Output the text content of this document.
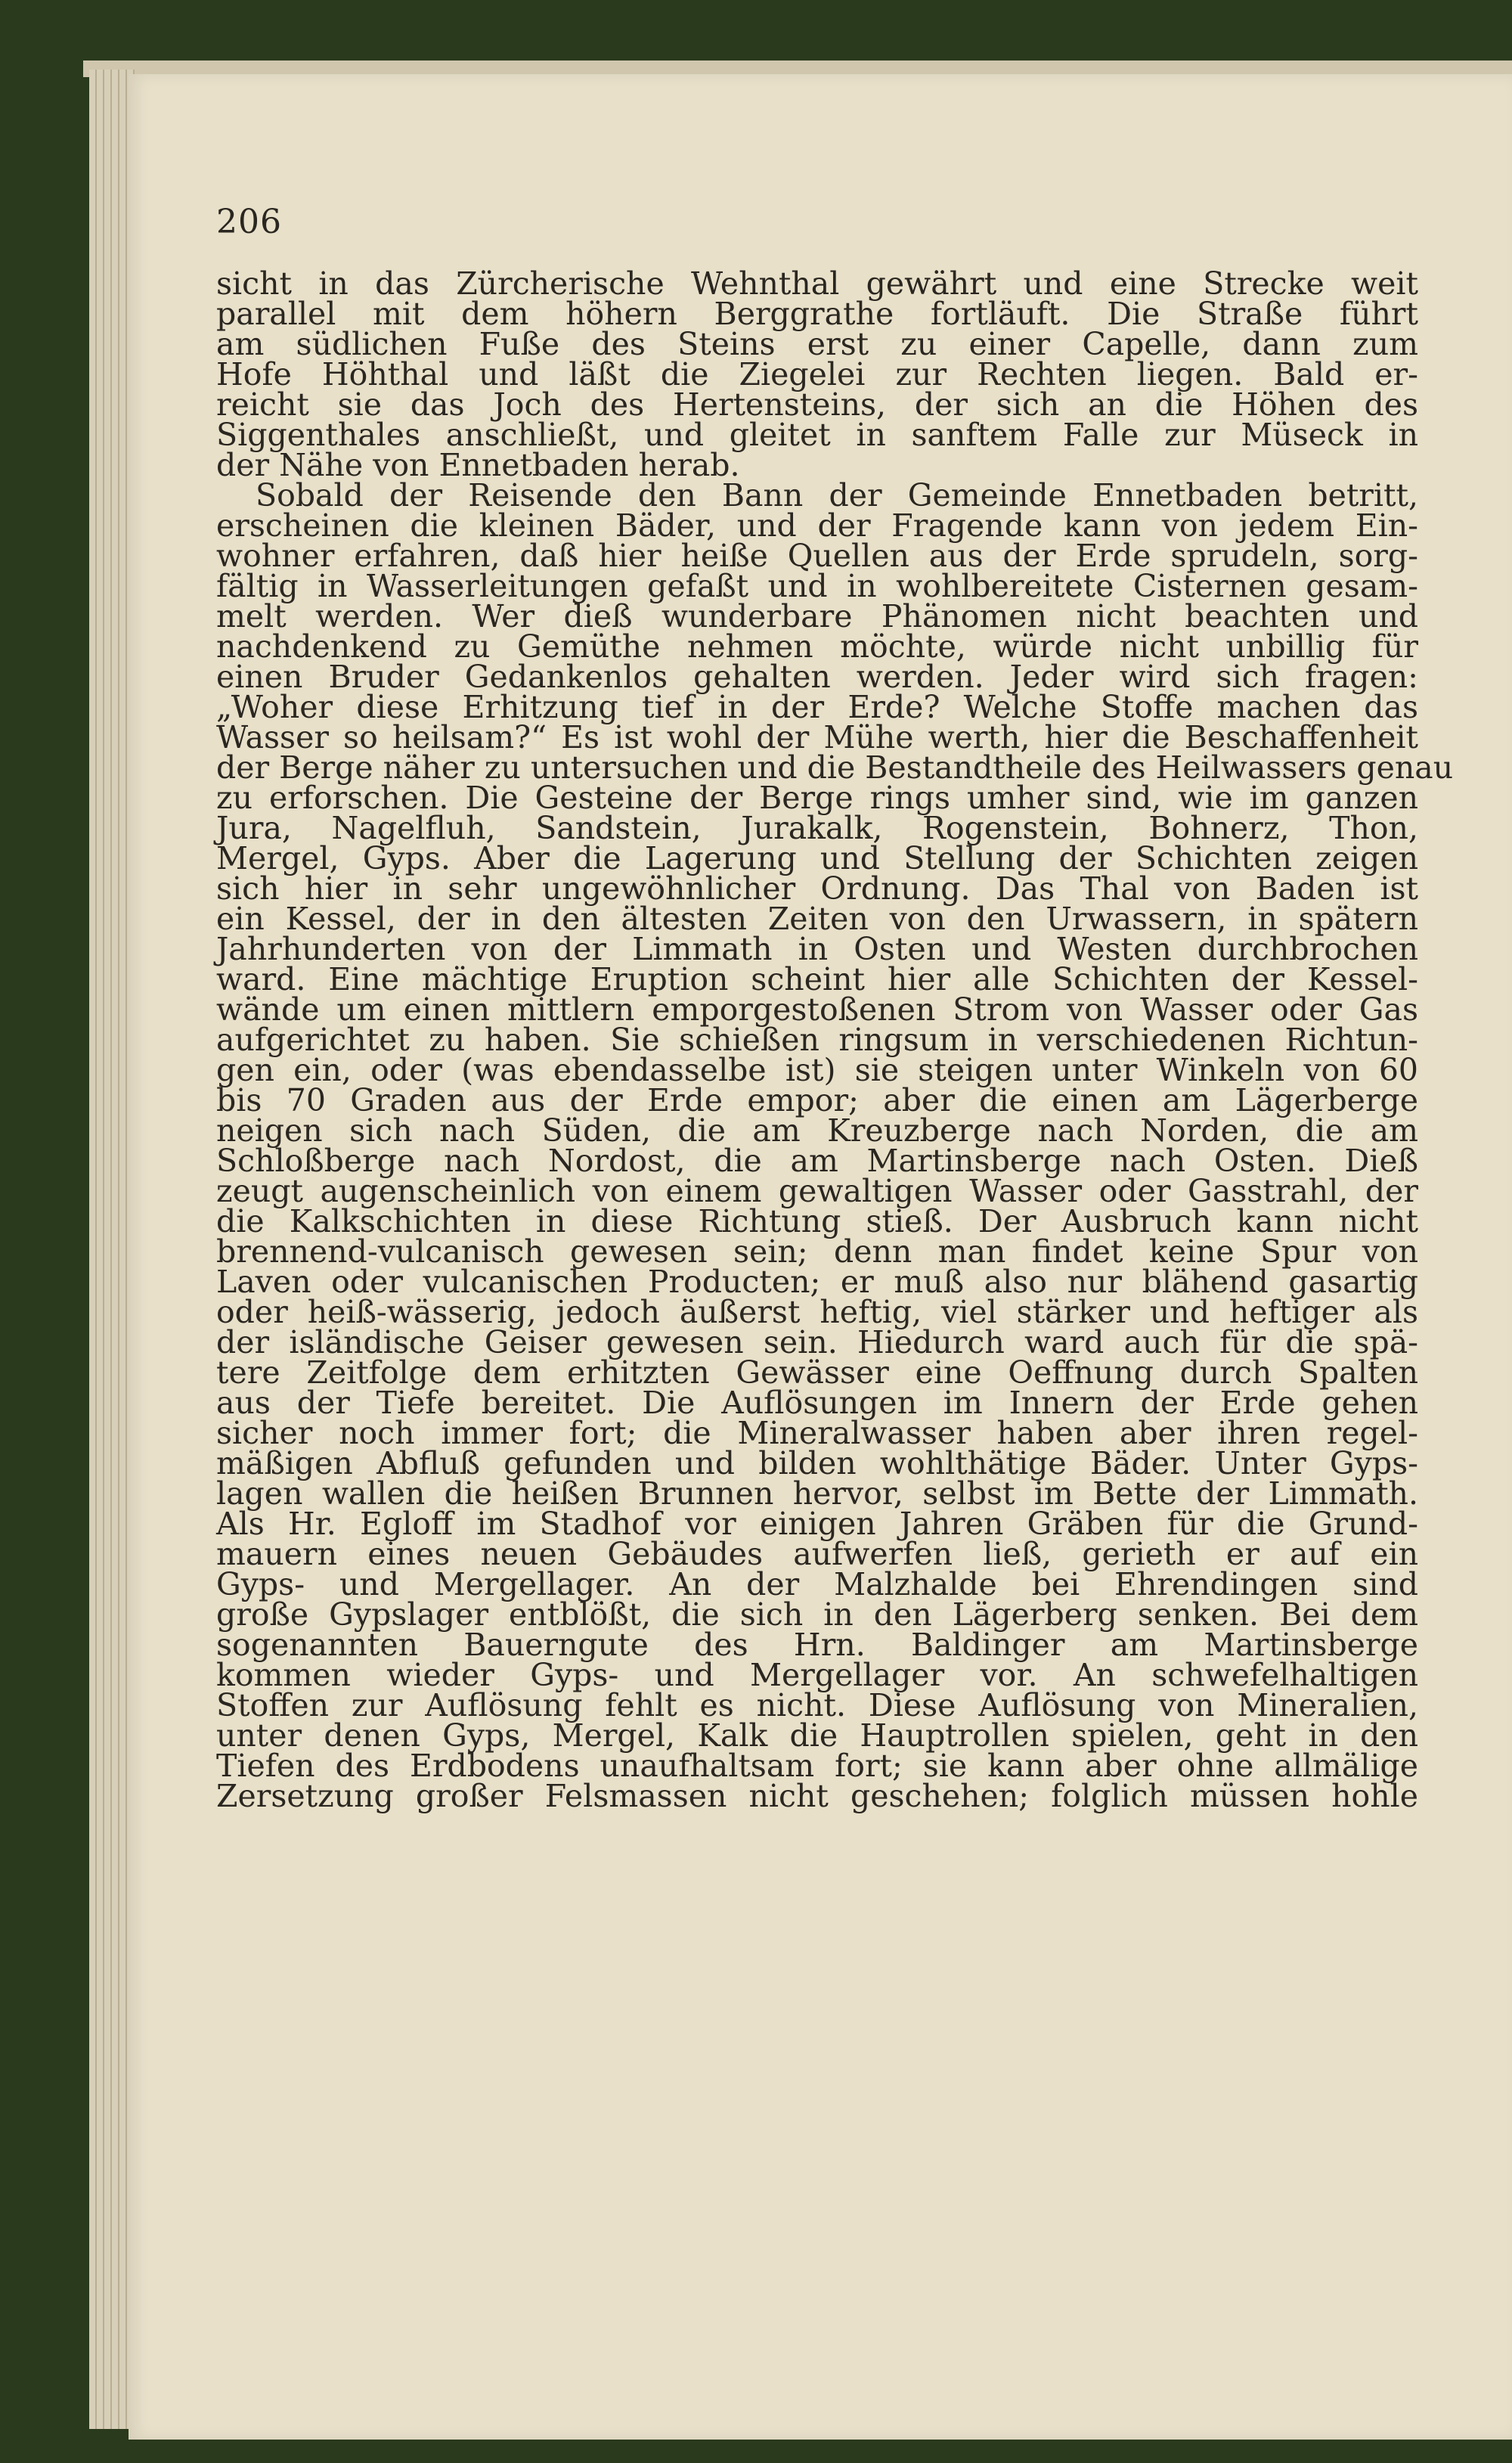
206
sicht in das Zürcherische Wehnthal gewährt und eine Strecke weit
parallel mit dem höhern Berggrathe fortläuft. Die Straße führt
am südlichen Fuße des Steins erst zu einer Capelle, dann zum
Hofe Höhthal und läßt die Ziegelei zur Rechten liegen. Bald er-
reicht sie das Joch des Hertensteins, der sich an die Höhen des
Siggenthales anschließt, und gleitet in sanftem Falle zur Müseck in
der Nähe von Ennetbaden herab.
Sobald der Reisende den Bann der Gemeinde Ennetbaden betritt,
erscheinen die kleinen Bäder, und der Fragende kann von jedem Ein-
wohner erfahren, daß hier heiße Quellen aus der Erde sprudeln, sorg-
fältig in Wasserleitungen gefaßt und in wohlbereitete Cisternen gesam-
melt werden. Wer dieß wunderbare Phänomen nicht beachten und
nachdenkend zu Gemüthe nehmen möchte, würde nicht unbillig für
einen Bruder Gedankenlos gehalten werden. Jeder wird sich fragen:
„Woher diese Erhitzung tief in der Erde? Welche Stoffe machen das
Wasser so heilsam?“ Es ist wohl der Mühe werth, hier die Beschaffenheit
der Berge näher zu untersuchen und die Bestandtheile des Heilwassers genau
zu erforschen. Die Gesteine der Berge rings umher sind, wie im ganzen
Jura, Nagelfluh, Sandstein, Jurakalk, Rogenstein, Bohnerz, Thon,
Mergel, Gyps. Aber die Lagerung und Stellung der Schichten zeigen
sich hier in sehr ungewöhnlicher Ordnung. Das Thal von Baden ist
ein Kessel, der in den ältesten Zeiten von den Urwassern, in spätern
Jahrhunderten von der Limmath in Osten und Westen durchbrochen
ward. Eine mächtige Eruption scheint hier alle Schichten der Kessel-
wände um einen mittlern emporgestoßenen Strom von Wasser oder Gas
aufgerichtet zu haben. Sie schießen ringsum in verschiedenen Richtun-
gen ein, oder (was ebendasselbe ist) sie steigen unter Winkeln von 60
bis 70 Graden aus der Erde empor; aber die einen am Lägerberge
neigen sich nach Süden, die am Kreuzberge nach Norden, die am
Schloßberge nach Nordost, die am Martinsberge nach Osten. Dieß
zeugt augenscheinlich von einem gewaltigen Wasser oder Gasstrahl, der
die Kalkschichten in diese Richtung stieß. Der Ausbruch kann nicht
brennend-vulcanisch gewesen sein; denn man findet keine Spur von
Laven oder vulcanischen Producten; er muß also nur blähend gasartig
oder heiß-wässerig, jedoch äußerst heftig, viel stärker und heftiger als
der isländische Geiser gewesen sein. Hiedurch ward auch für die spä-
tere Zeitfolge dem erhitzten Gewässer eine Oeffnung durch Spalten
aus der Tiefe bereitet. Die Auflösungen im Innern der Erde gehen
sicher noch immer fort; die Mineralwasser haben aber ihren regel-
mäßigen Abfluß gefunden und bilden wohlthätige Bäder. Unter Gyps-
lagen wallen die heißen Brunnen hervor, selbst im Bette der Limmath.
Als Hr. Egloff im Stadhof vor einigen Jahren Gräben für die Grund-
mauern eines neuen Gebäudes aufwerfen ließ, gerieth er auf ein
Gyps- und Mergellager. An der Malzhalde bei Ehrendingen sind
große Gypslager entblößt, die sich in den Lägerberg senken. Bei dem
sogenannten Bauerngute des Hrn. Baldinger am Martinsberge
kommen wieder Gyps- und Mergellager vor. An schwefelhaltigen
Stoffen zur Auflösung fehlt es nicht. Diese Auflösung von Mineralien,
unter denen Gyps, Mergel, Kalk die Hauptrollen spielen, geht in den
Tiefen des Erdbodens unaufhaltsam fort; sie kann aber ohne allmälige
Zersetzung großer Felsmassen nicht geschehen; folglich müssen hohle
